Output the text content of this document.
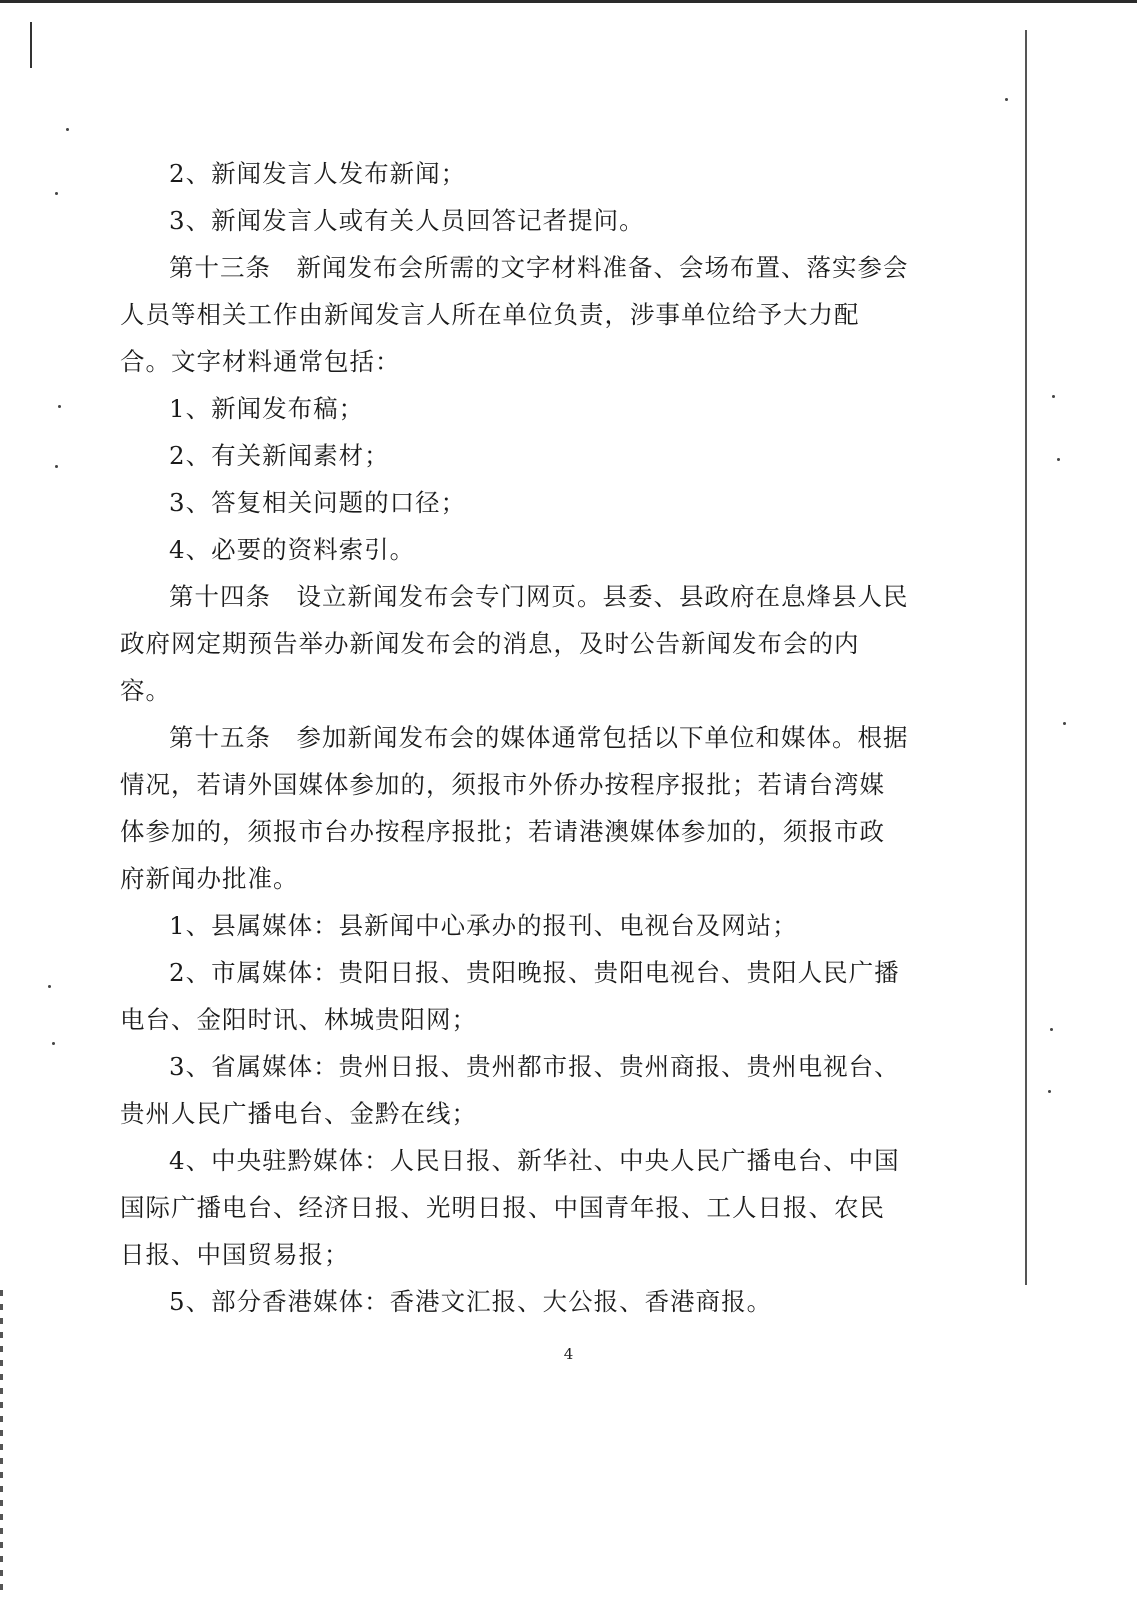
2、新闻发言人发布新闻；

3、新闻发言人或有关人员回答记者提问。

第十三条　新闻发布会所需的文字材料准备、会场布置、落实参会人员等相关工作由新闻发言人所在单位负责，涉事单位给予大力配合。文字材料通常包括：

1、新闻发布稿；

2、有关新闻素材；

3、答复相关问题的口径；

4、必要的资料索引。

第十四条　设立新闻发布会专门网页。县委、县政府在息烽县人民政府网定期预告举办新闻发布会的消息，及时公告新闻发布会的内容。

第十五条　参加新闻发布会的媒体通常包括以下单位和媒体。根据情况，若请外国媒体参加的，须报市外侨办按程序报批；若请台湾媒体参加的，须报市台办按程序报批；若请港澳媒体参加的，须报市政府新闻办批准。

1、县属媒体：县新闻中心承办的报刊、电视台及网站；

2、市属媒体：贵阳日报、贵阳晚报、贵阳电视台、贵阳人民广播电台、金阳时讯、林城贵阳网；

3、省属媒体：贵州日报、贵州都市报、贵州商报、贵州电视台、贵州人民广播电台、金黔在线；

4、中央驻黔媒体：人民日报、新华社、中央人民广播电台、中国国际广播电台、经济日报、光明日报、中国青年报、工人日报、农民日报、中国贸易报；

5、部分香港媒体：香港文汇报、大公报、香港商报。

4
